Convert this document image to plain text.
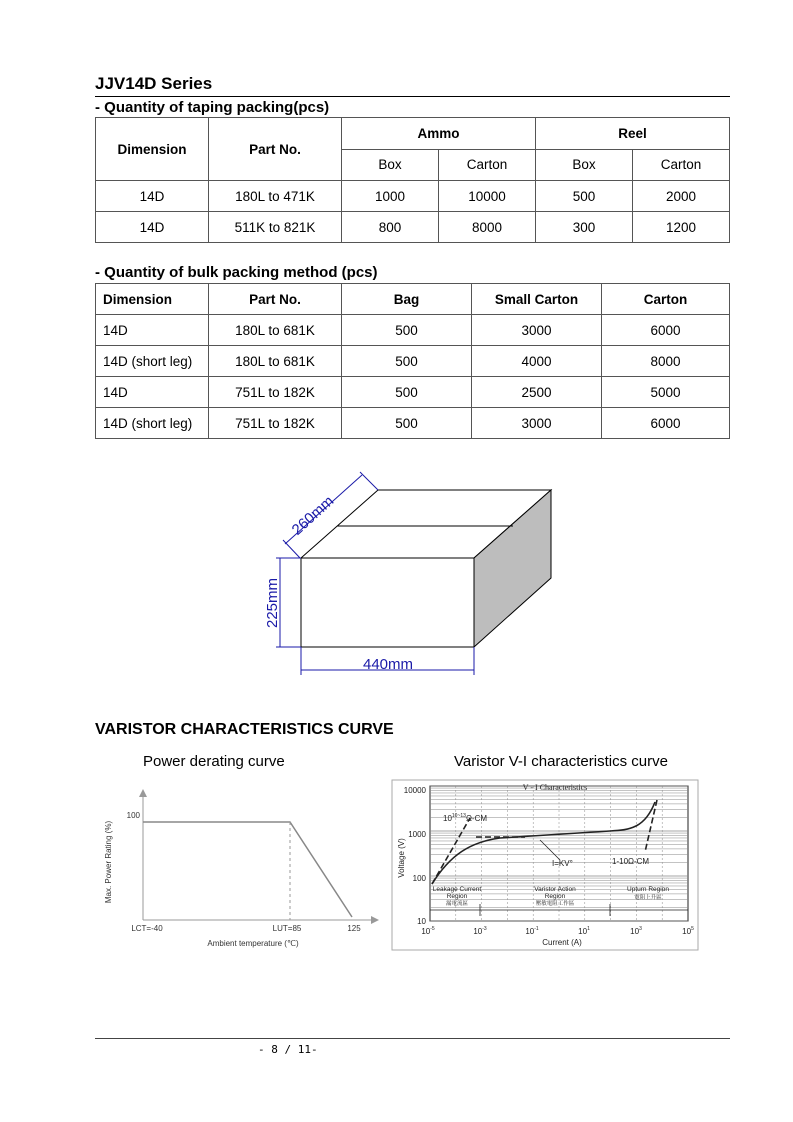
JJV14D Series
- Quantity of taping packing(pcs)
Dimension	Part No.	Ammo		Reel	
		Box	Carton	Box	Carton
14D	180L to 471K	1000	10000	500	2000
14D	511K to 821K	800	8000	300	1200
- Quantity of bulk packing method (pcs)
Dimension	Part No.	Bag	Small Carton	Carton
14D	180L to 681K	500	3000	6000
14D (short leg)	180L to 681K	500	4000	8000
14D	751L to 182K	500	2500	5000
14D (short leg)	751L to 182K	500	3000	6000
260mm
225mm
440mm
VARISTOR CHARACTERISTICS CURVE
Power derating curve	Varistor V-I characteristics curve
100
Max. Power Rating (%)
LCT=-40	LUT=85	125
Ambient temperature (℃)
V - I Characteristics
10000
1000
100
10
Voltage (V)
$10^{-5}$	$10^{-3}$	$10^{-1}$	$10^1$	$10^3$	$10^5$
Current (A)
$10^{10\sim 13}\Omega-CM$
I=KV°	1-10Ω-CM
Leakage Current
Region
漏電流區
Varistor Action
Region
壓敏電阻工作區
Upturn Region
電阻上升區
- 8 / 11-
